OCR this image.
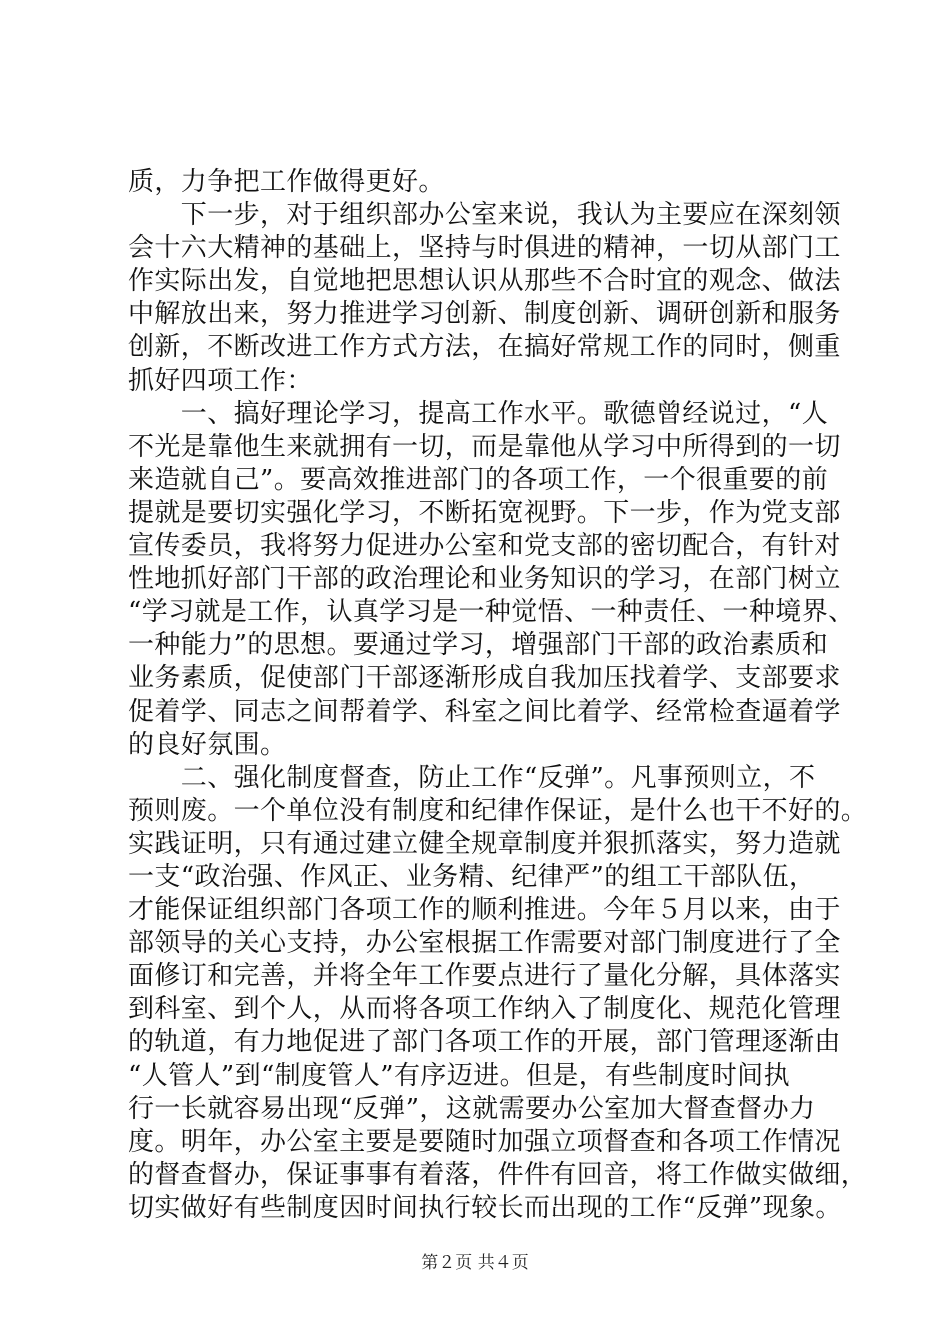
质，力争把工作做得更好。
　　下一步，对于组织部办公室来说，我认为主要应在深刻领
会十六大精神的基础上，坚持与时俱进的精神，一切从部门工
作实际出发，自觉地把思想认识从那些不合时宜的观念、做法
中解放出来，努力推进学习创新、制度创新、调研创新和服务
创新，不断改进工作方式方法，在搞好常规工作的同时，侧重
抓好四项工作：
　　一、搞好理论学习，提高工作水平。歌德曾经说过，“人
不光是靠他生来就拥有一切，而是靠他从学习中所得到的一切
来造就自己”。要高效推进部门的各项工作，一个很重要的前
提就是要切实强化学习，不断拓宽视野。下一步，作为党支部
宣传委员，我将努力促进办公室和党支部的密切配合，有针对
性地抓好部门干部的政治理论和业务知识的学习，在部门树立
“学习就是工作，认真学习是一种觉悟、一种责任、一种境界、
一种能力”的思想。要通过学习，增强部门干部的政治素质和
业务素质，促使部门干部逐渐形成自我加压找着学、支部要求
促着学、同志之间帮着学、科室之间比着学、经常检查逼着学
的良好氛围。
　　二、强化制度督查，防止工作“反弹”。凡事预则立，不
预则废。一个单位没有制度和纪律作保证，是什么也干不好的。
实践证明，只有通过建立健全规章制度并狠抓落实，努力造就
一支“政治强、作风正、业务精、纪律严”的组工干部队伍，
才能保证组织部门各项工作的顺利推进。今年５月以来，由于
部领导的关心支持，办公室根据工作需要对部门制度进行了全
面修订和完善，并将全年工作要点进行了量化分解，具体落实
到科室、到个人，从而将各项工作纳入了制度化、规范化管理
的轨道，有力地促进了部门各项工作的开展，部门管理逐渐由
“人管人”到“制度管人”有序迈进。但是，有些制度时间执
行一长就容易出现“反弹”，这就需要办公室加大督查督办力
度。明年，办公室主要是要随时加强立项督查和各项工作情况
的督查督办，保证事事有着落，件件有回音，将工作做实做细，
切实做好有些制度因时间执行较长而出现的工作“反弹”现象。
第２页 共４页
